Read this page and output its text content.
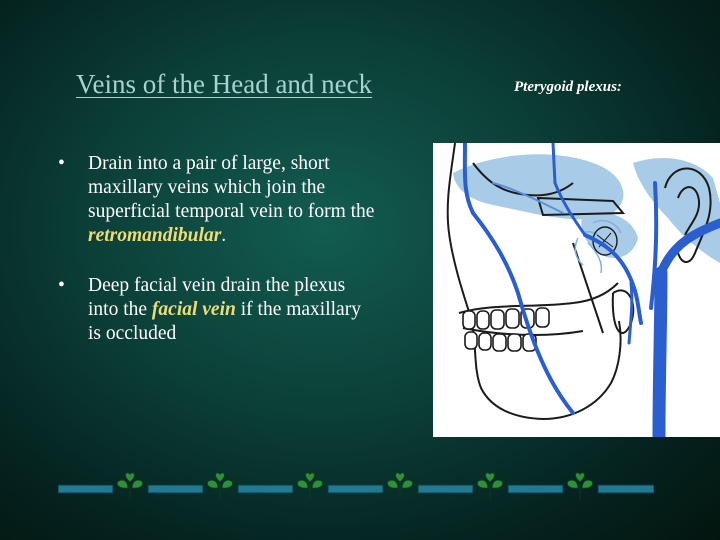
Veins of the Head and neck	Pterygoid plexus:

• Drain into a pair of large, short maxillary veins which join the superficial temporal vein to form the retromandibular.

• Deep facial vein drain the plexus into the facial vein if the maxillary is occluded
